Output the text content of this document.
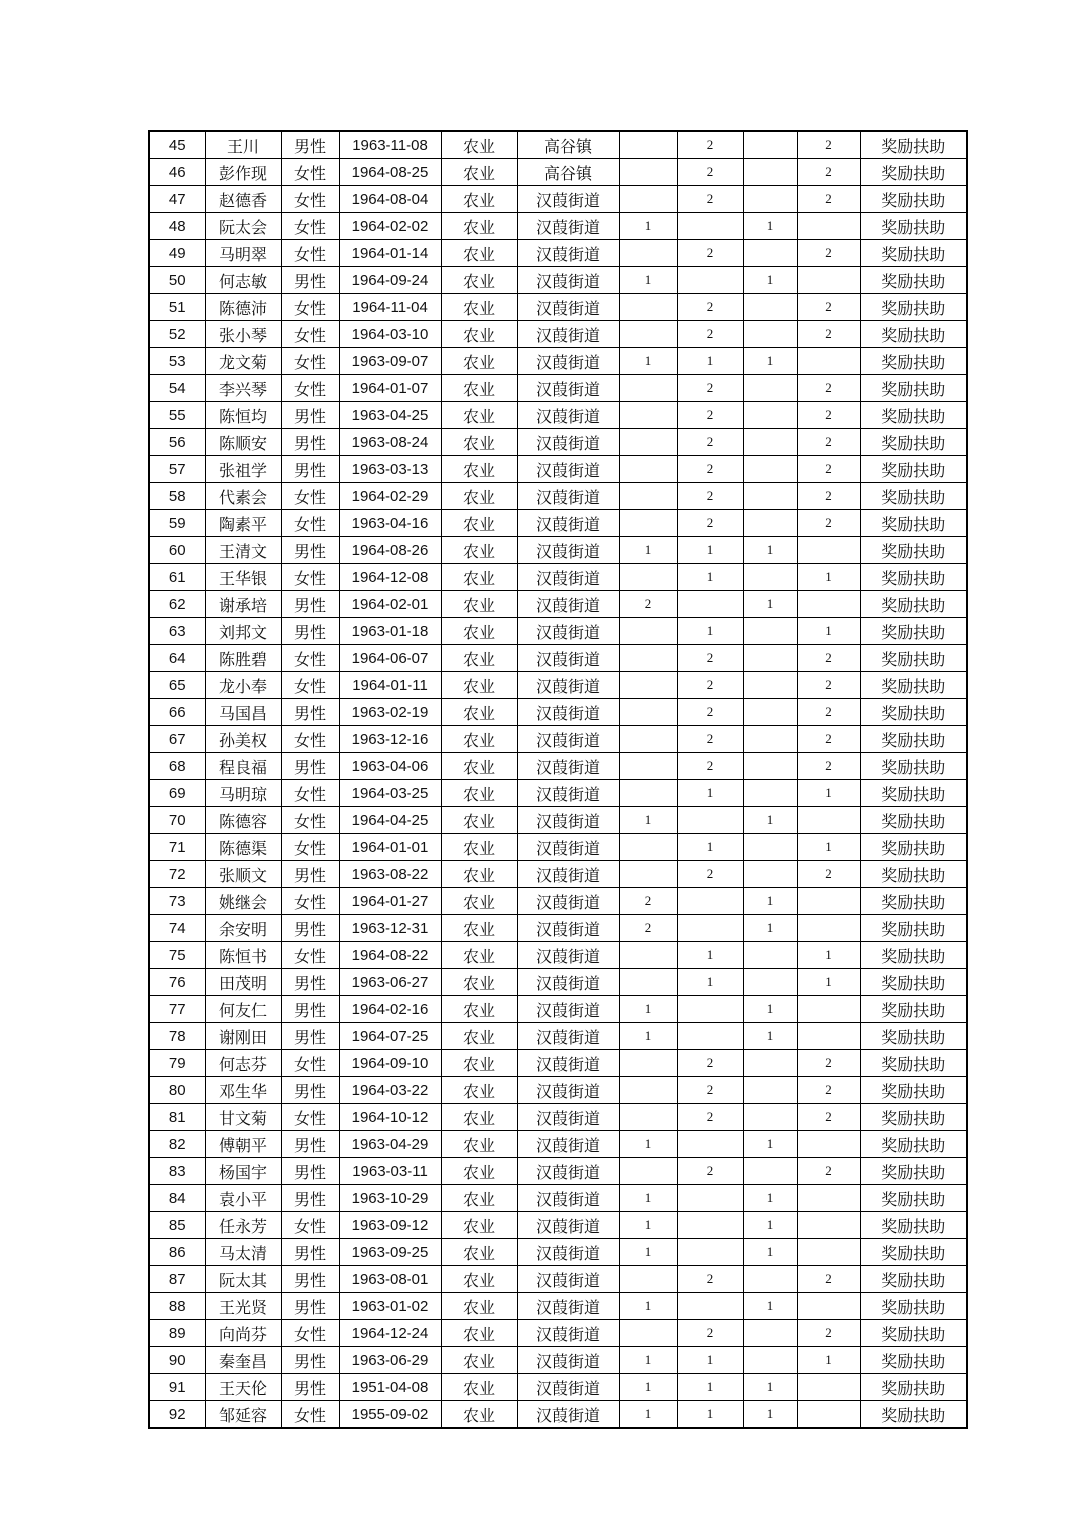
45	王川	男性	1963-11-08	农业	高谷镇		2		2	奖励扶助
46	彭作现	女性	1964-08-25	农业	高谷镇		2		2	奖励扶助
47	赵德香	女性	1964-08-04	农业	汉葭街道		2		2	奖励扶助
48	阮太会	女性	1964-02-02	农业	汉葭街道	1		1		奖励扶助
49	马明翠	女性	1964-01-14	农业	汉葭街道		2		2	奖励扶助
50	何志敏	男性	1964-09-24	农业	汉葭街道	1		1		奖励扶助
51	陈德沛	女性	1964-11-04	农业	汉葭街道		2		2	奖励扶助
52	张小琴	女性	1964-03-10	农业	汉葭街道		2		2	奖励扶助
53	龙文菊	女性	1963-09-07	农业	汉葭街道	1	1	1		奖励扶助
54	李兴琴	女性	1964-01-07	农业	汉葭街道		2		2	奖励扶助
55	陈恒均	男性	1963-04-25	农业	汉葭街道		2		2	奖励扶助
56	陈顺安	男性	1963-08-24	农业	汉葭街道		2		2	奖励扶助
57	张祖学	男性	1963-03-13	农业	汉葭街道		2		2	奖励扶助
58	代素会	女性	1964-02-29	农业	汉葭街道		2		2	奖励扶助
59	陶素平	女性	1963-04-16	农业	汉葭街道		2		2	奖励扶助
60	王清文	男性	1964-08-26	农业	汉葭街道	1	1	1		奖励扶助
61	王华银	女性	1964-12-08	农业	汉葭街道		1		1	奖励扶助
62	谢承培	男性	1964-02-01	农业	汉葭街道	2		1		奖励扶助
63	刘邦文	男性	1963-01-18	农业	汉葭街道		1		1	奖励扶助
64	陈胜碧	女性	1964-06-07	农业	汉葭街道		2		2	奖励扶助
65	龙小奉	女性	1964-01-11	农业	汉葭街道		2		2	奖励扶助
66	马国昌	男性	1963-02-19	农业	汉葭街道		2		2	奖励扶助
67	孙美权	女性	1963-12-16	农业	汉葭街道		2		2	奖励扶助
68	程良福	男性	1963-04-06	农业	汉葭街道		2		2	奖励扶助
69	马明琼	女性	1964-03-25	农业	汉葭街道		1		1	奖励扶助
70	陈德容	女性	1964-04-25	农业	汉葭街道	1		1		奖励扶助
71	陈德渠	女性	1964-01-01	农业	汉葭街道		1		1	奖励扶助
72	张顺文	男性	1963-08-22	农业	汉葭街道		2		2	奖励扶助
73	姚继会	女性	1964-01-27	农业	汉葭街道	2		1		奖励扶助
74	余安明	男性	1963-12-31	农业	汉葭街道	2		1		奖励扶助
75	陈恒书	女性	1964-08-22	农业	汉葭街道		1		1	奖励扶助
76	田茂明	男性	1963-06-27	农业	汉葭街道		1		1	奖励扶助
77	何友仁	男性	1964-02-16	农业	汉葭街道	1		1		奖励扶助
78	谢刚田	男性	1964-07-25	农业	汉葭街道	1		1		奖励扶助
79	何志芬	女性	1964-09-10	农业	汉葭街道		2		2	奖励扶助
80	邓生华	男性	1964-03-22	农业	汉葭街道		2		2	奖励扶助
81	甘文菊	女性	1964-10-12	农业	汉葭街道		2		2	奖励扶助
82	傅朝平	男性	1963-04-29	农业	汉葭街道	1		1		奖励扶助
83	杨国宇	男性	1963-03-11	农业	汉葭街道		2		2	奖励扶助
84	袁小平	男性	1963-10-29	农业	汉葭街道	1		1		奖励扶助
85	任永芳	女性	1963-09-12	农业	汉葭街道	1		1		奖励扶助
86	马太清	男性	1963-09-25	农业	汉葭街道	1		1		奖励扶助
87	阮太其	男性	1963-08-01	农业	汉葭街道		2		2	奖励扶助
88	王光贤	男性	1963-01-02	农业	汉葭街道	1		1		奖励扶助
89	向尚芬	女性	1964-12-24	农业	汉葭街道		2		2	奖励扶助
90	秦奎昌	男性	1963-06-29	农业	汉葭街道	1	1		1	奖励扶助
91	王天伦	男性	1951-04-08	农业	汉葭街道	1	1	1		奖励扶助
92	邹延容	女性	1955-09-02	农业	汉葭街道	1	1	1		奖励扶助
